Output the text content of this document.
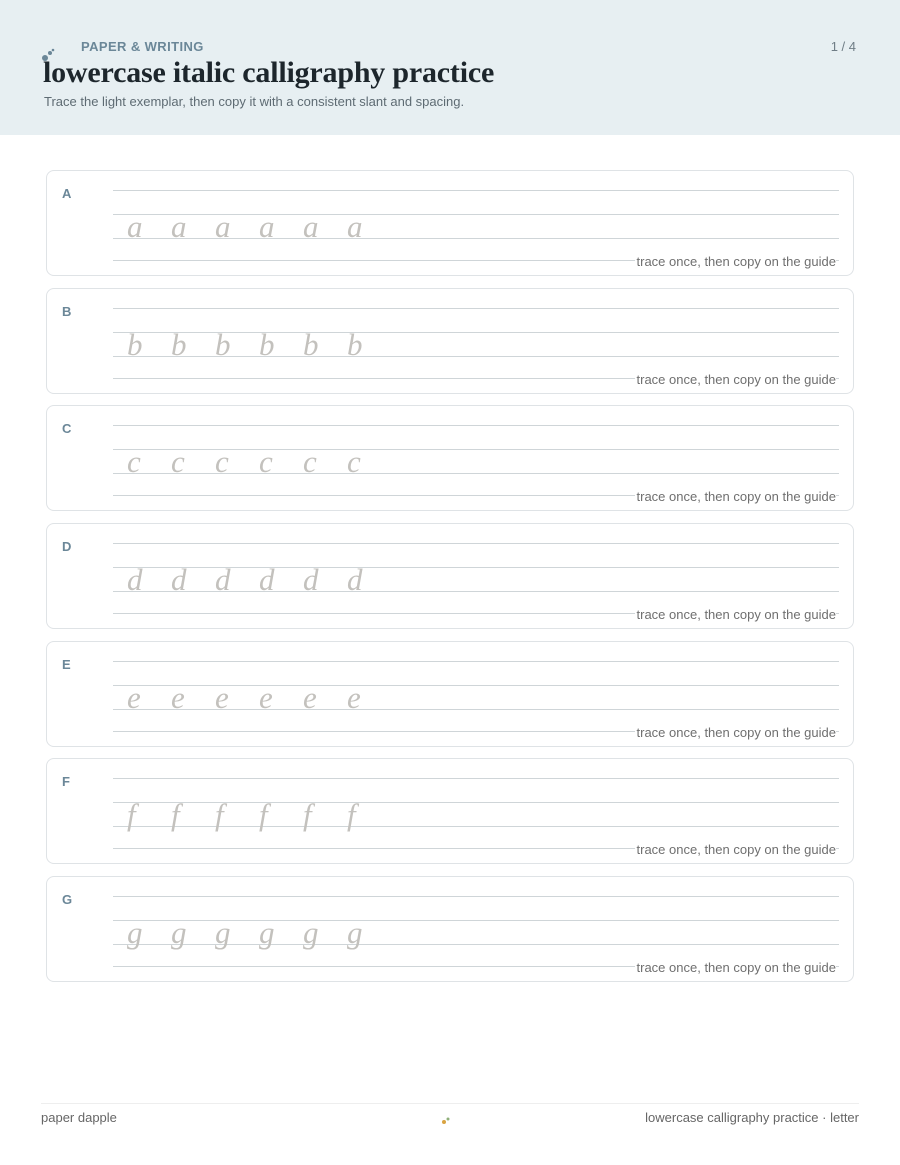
PAPER & WRITING	1 / 4
lowercase italic calligraphy practice
Trace the light exemplar, then copy it with a consistent slant and spacing.
A
a a a a a a
trace once, then copy on the guide
B
b b b b b b
trace once, then copy on the guide
C
c c c c c c
trace once, then copy on the guide
D
d d d d d d
trace once, then copy on the guide
E
e e e e e e
trace once, then copy on the guide
F
f	f	f	f	f	f
trace once, then copy on the guide
G
g g g g g g
trace once, then copy on the guide
paper dapple	lowercase calligraphy practice · letter
